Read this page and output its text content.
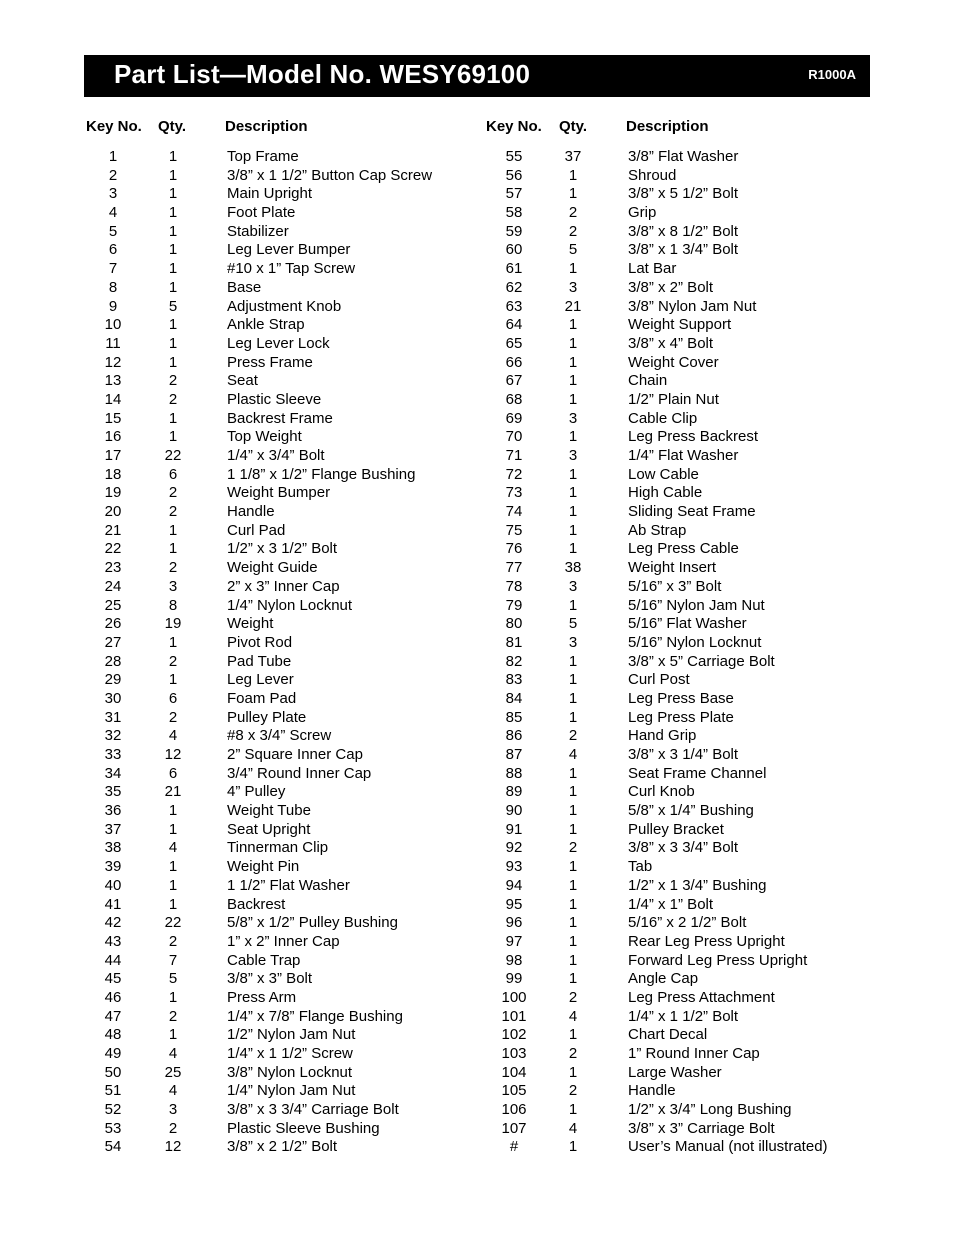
Part List—Model No. WESY69100	R1000A
Key No. Qty.	Description
1	1	Top Frame
2	1	3/8” x 1 1/2” Button Cap Screw
3	1	Main Upright
4	1	Foot Plate
5	1	Stabilizer
6	1	Leg Lever Bumper
7	1	#10 x 1” Tap Screw
8	1	Base
9	5	Adjustment Knob
10	1	Ankle Strap
11	1	Leg Lever Lock
12	1	Press Frame
13	2	Seat
14	2	Plastic Sleeve
15	1	Backrest Frame
16	1	Top Weight
17	22	1/4” x 3/4” Bolt
18	6	1 1/8” x 1/2” Flange Bushing
19	2	Weight Bumper
20	2	Handle
21	1	Curl Pad
22	1	1/2” x 3 1/2” Bolt
23	2	Weight Guide
24	3	2” x 3” Inner Cap
25	8	1/4” Nylon Locknut
26	19	Weight
27	1	Pivot Rod
28	2	Pad Tube
29	1	Leg Lever
30	6	Foam Pad
31	2	Pulley Plate
32	4	#8 x 3/4” Screw
33	12	2” Square Inner Cap
34	6	3/4” Round Inner Cap
35	21	4” Pulley
36	1	Weight Tube
37	1	Seat Upright
38	4	Tinnerman Clip
39	1	Weight Pin
40	1	1 1/2” Flat Washer
41	1	Backrest
42	22	5/8” x 1/2” Pulley Bushing
43	2	1” x 2” Inner Cap
44	7	Cable Trap
45	5	3/8” x 3” Bolt
46	1	Press Arm
47	2	1/4” x 7/8” Flange Bushing
48	1	1/2” Nylon Jam Nut
49	4	1/4” x 1 1/2” Screw
50	25	3/8” Nylon Locknut
51	4	1/4” Nylon Jam Nut
52	3	3/8” x 3 3/4” Carriage Bolt
53	2	Plastic Sleeve Bushing
54	12	3/8” x 2 1/2” Bolt
Key No. Qty.	Description
55	37	3/8” Flat Washer
56	1	Shroud
57	1	3/8” x 5 1/2” Bolt
58	2	Grip
59	2	3/8” x 8 1/2” Bolt
60	5	3/8” x 1 3/4” Bolt
61	1	Lat Bar
62	3	3/8” x 2” Bolt
63	21	3/8” Nylon Jam Nut
64	1	Weight Support
65	1	3/8” x 4” Bolt
66	1	Weight Cover
67	1	Chain
68	1	1/2” Plain Nut
69	3	Cable Clip
70	1	Leg Press Backrest
71	3	1/4” Flat Washer
72	1	Low Cable
73	1	High Cable
74	1	Sliding Seat Frame
75	1	Ab Strap
76	1	Leg Press Cable
77	38	Weight Insert
78	3	5/16” x 3” Bolt
79	1	5/16” Nylon Jam Nut
80	5	5/16” Flat Washer
81	3	5/16” Nylon Locknut
82	1	3/8” x 5” Carriage Bolt
83	1	Curl Post
84	1	Leg Press Base
85	1	Leg Press Plate
86	2	Hand Grip
87	4	3/8” x 3 1/4” Bolt
88	1	Seat Frame Channel
89	1	Curl Knob
90	1	5/8” x 1/4” Bushing
91	1	Pulley Bracket
92	2	3/8” x 3 3/4” Bolt
93	1	Tab
94	1	1/2” x 1 3/4” Bushing
95	1	1/4” x 1” Bolt
96	1	5/16” x 2 1/2” Bolt
97	1	Rear Leg Press Upright
98	1	Forward Leg Press Upright
99	1	Angle Cap
100	2	Leg Press Attachment
101	4	1/4” x 1 1/2” Bolt
102	1	Chart Decal
103	2	1” Round Inner Cap
104	1	Large Washer
105	2	Handle
106	1	1/2” x 3/4” Long Bushing
107	4	3/8” x 3” Carriage Bolt
#	1	User’s Manual (not illustrated)
